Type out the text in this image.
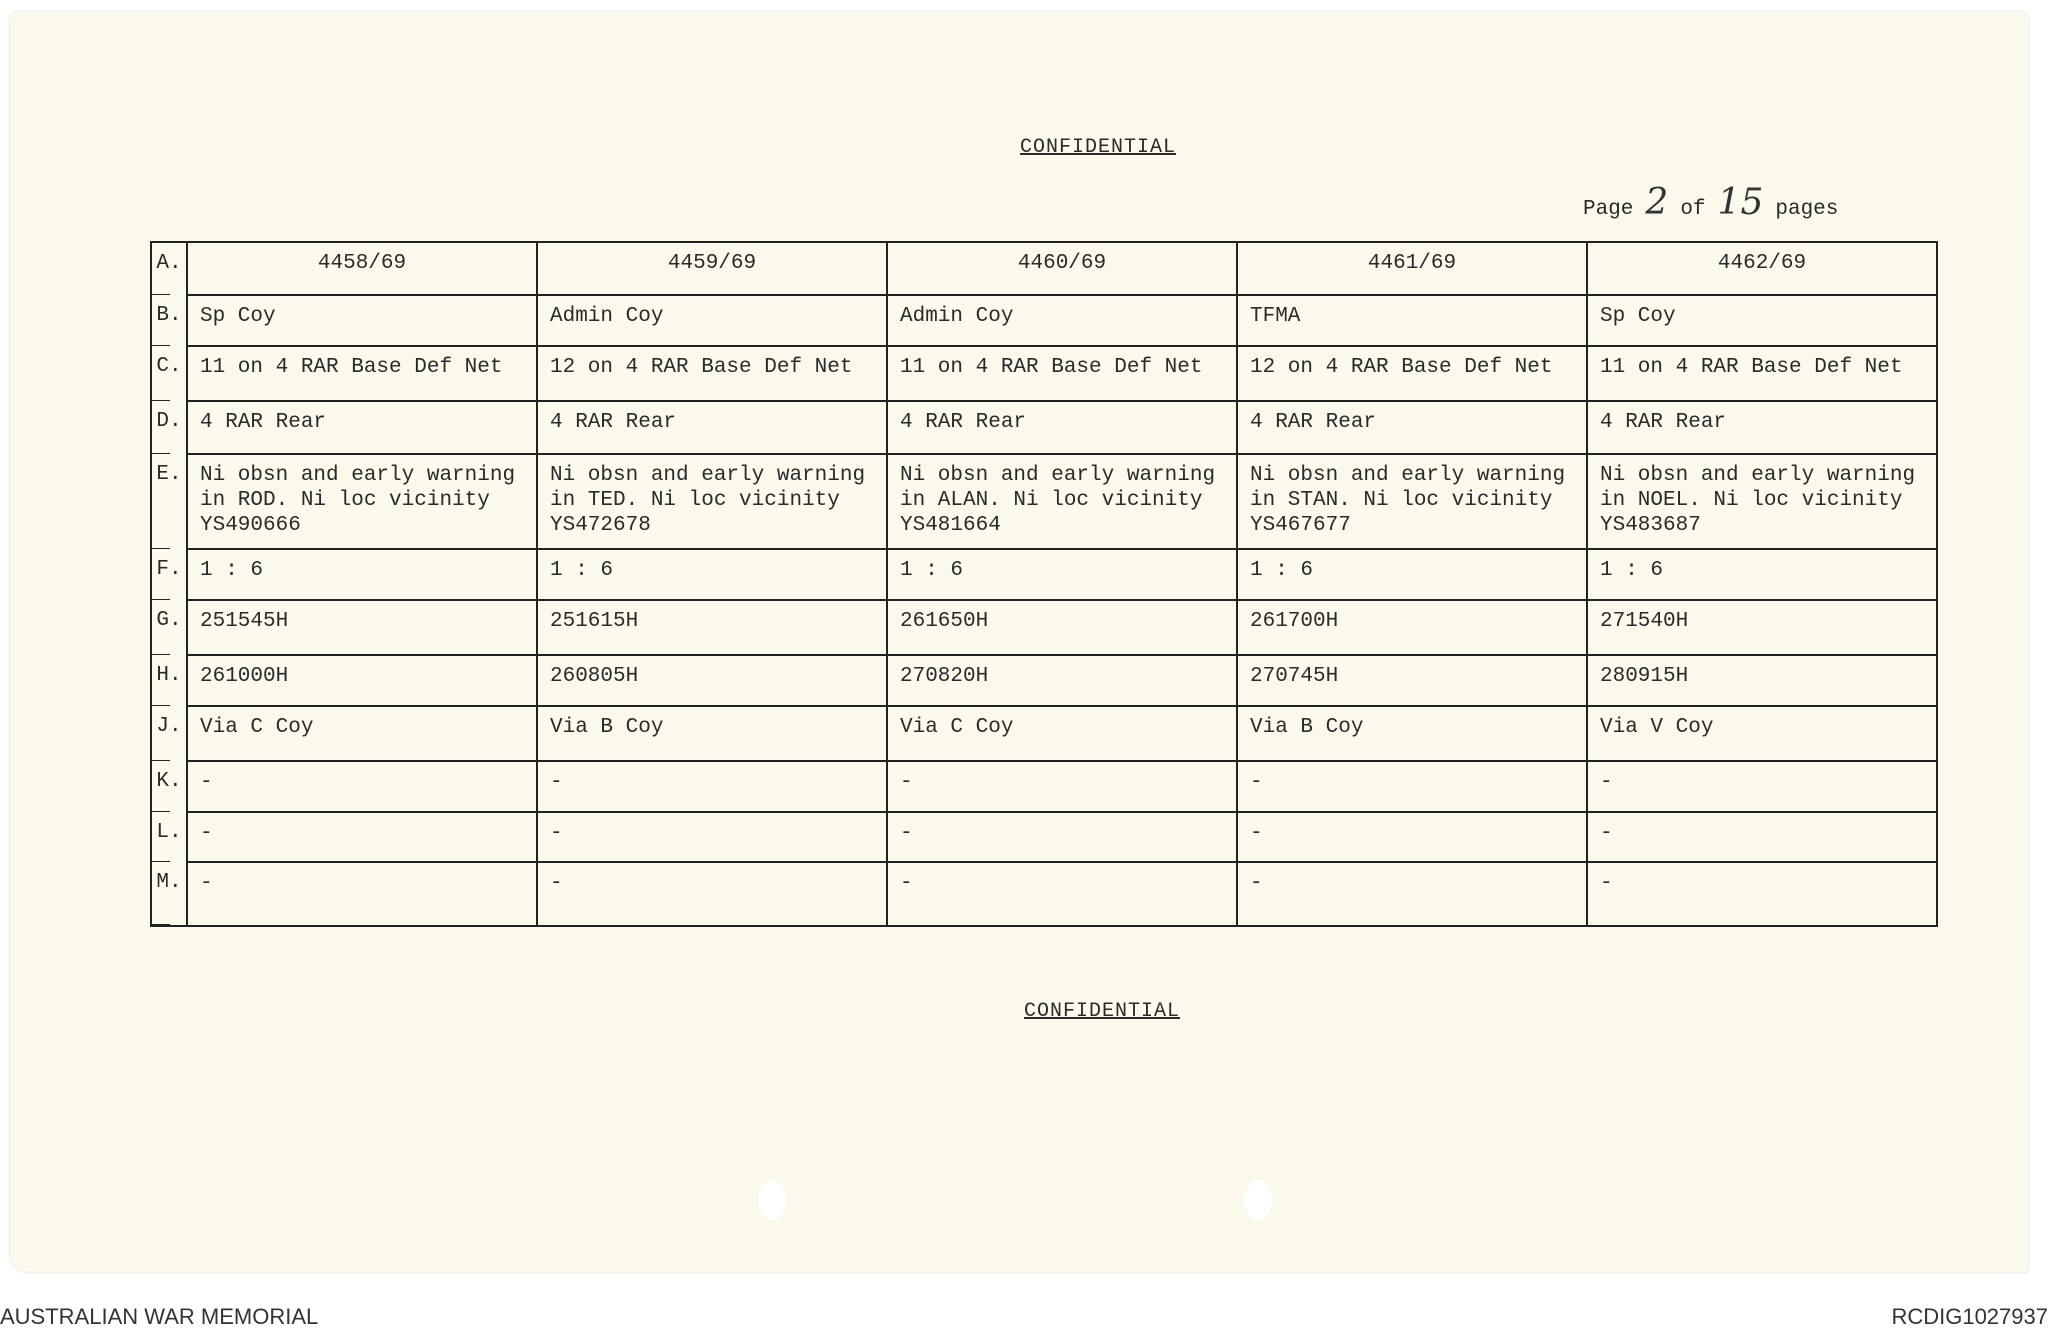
CONFIDENTIAL
Page 2 of 15 pages
CONFIDENTIAL
A.	4458/69	4459/69	4460/69	4461/69	4462/69
B.	Sp Coy	Admin Coy	Admin Coy	TFMA	Sp Coy
C.	11 on 4 RAR Base Def Net	12 on 4 RAR Base Def Net	11 on 4 RAR Base Def Net	12 on 4 RAR Base Def Net	11 on 4 RAR Base Def Net
D.	4 RAR Rear	4 RAR Rear	4 RAR Rear	4 RAR Rear	4 RAR Rear
E.	Ni obsn and early warning
in ROD. Ni loc vicinity
YS490666	Ni obsn and early warning
in TED. Ni loc vicinity
YS472678	Ni obsn and early warning
in ALAN. Ni loc vicinity
YS481664	Ni obsn and early warning
in STAN. Ni loc vicinity
YS467677	Ni obsn and early warning
in NOEL. Ni loc vicinity
YS483687
F.	1 : 6	1 : 6	1 : 6	1 : 6	1 : 6
G.	251545H	251615H	261650H	261700H	271540H
H.	261000H	260805H	270820H	270745H	280915H
J.	Via C Coy	Via B Coy	Via C Coy	Via B Coy	Via V Coy
K.	-	-	-	-	-
L.	-	-	-	-	-
M.	-	-	-	-	-
AUSTRALIAN WAR MEMORIAL	RCDIG1027937
